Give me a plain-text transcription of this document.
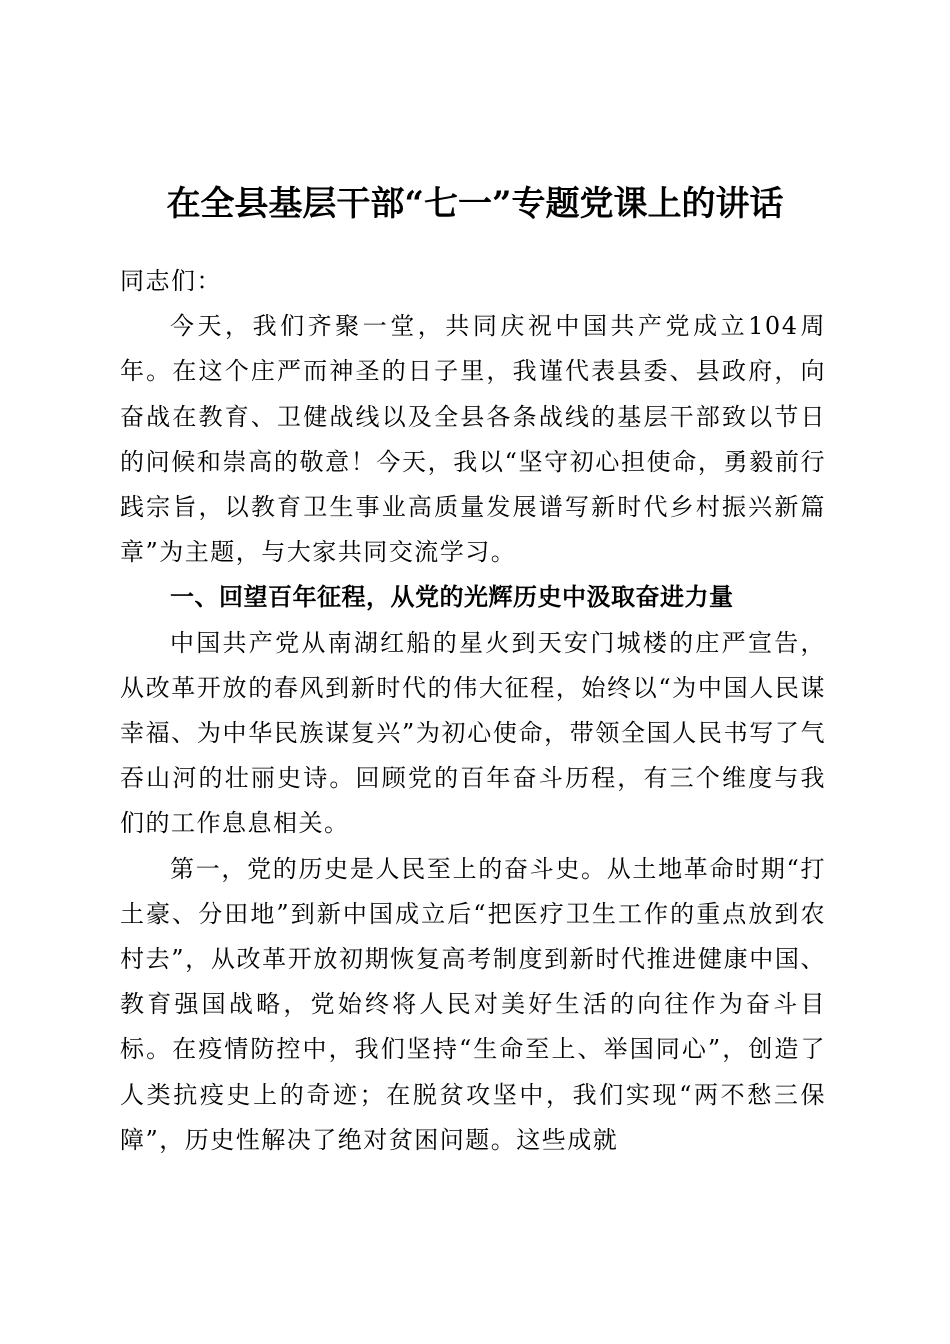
在全县基层干部“七一”专题党课上的讲话

同志们：

今天，我们齐聚一堂，共同庆祝中国共产党成立104周年。在这个庄严而神圣的日子里，我谨代表县委、县政府，向奋战在教育、卫健战线以及全县各条战线的基层干部致以节日的问候和崇高的敬意！今天，我以“坚守初心担使命，勇毅前行践宗旨，以教育卫生事业高质量发展谱写新时代乡村振兴新篇章”为主题，与大家共同交流学习。

一、回望百年征程，从党的光辉历史中汲取奋进力量

中国共产党从南湖红船的星火到天安门城楼的庄严宣告，从改革开放的春风到新时代的伟大征程，始终以“为中国人民谋幸福、为中华民族谋复兴”为初心使命，带领全国人民书写了气吞山河的壮丽史诗。回顾党的百年奋斗历程，有三个维度与我们的工作息息相关。

第一，党的历史是人民至上的奋斗史。从土地革命时期“打土豪、分田地”到新中国成立后“把医疗卫生工作的重点放到农村去”，从改革开放初期恢复高考制度到新时代推进健康中国、教育强国战略，党始终将人民对美好生活的向往作为奋斗目标。在疫情防控中，我们坚持“生命至上、举国同心”，创造了人类抗疫史上的奇迹；在脱贫攻坚中，我们实现“两不愁三保障”，历史性解决了绝对贫困问题。这些成就
